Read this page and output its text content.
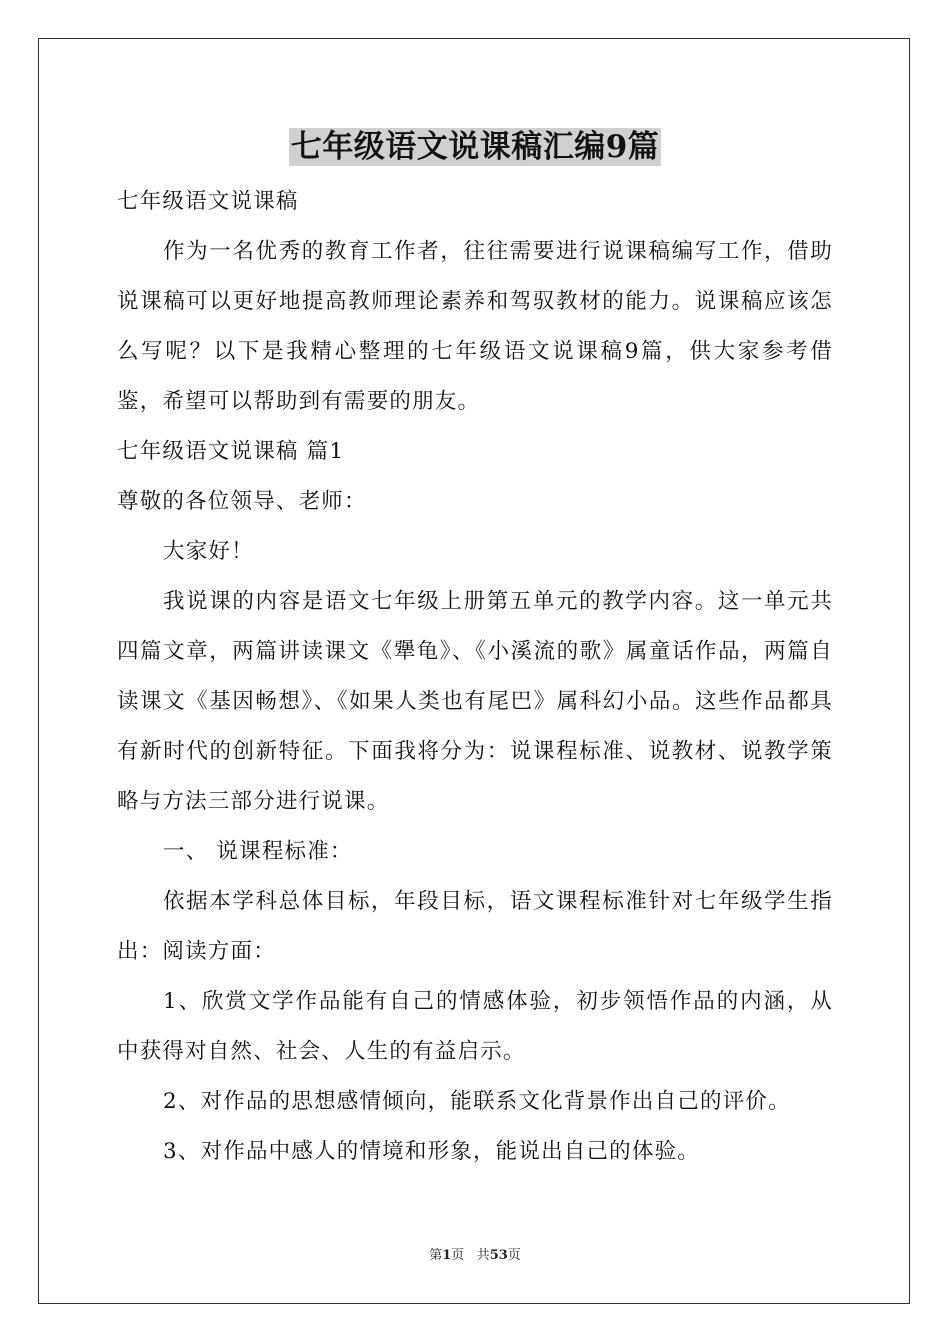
七年级语文说课稿汇编9篇

七年级语文说课稿

作为一名优秀的教育工作者，往往需要进行说课稿编写工作，借助说课稿可以更好地提高教师理论素养和驾驭教材的能力。说课稿应该怎么写呢？以下是我精心整理的七年级语文说课稿9篇，供大家参考借鉴，希望可以帮助到有需要的朋友。

七年级语文说课稿 篇1

尊敬的各位领导、老师：

大家好！

我说课的内容是语文七年级上册第五单元的教学内容。这一单元共四篇文章，两篇讲读课文《犟龟》、《小溪流的歌》属童话作品，两篇自读课文《基因畅想》、《如果人类也有尾巴》属科幻小品。这些作品都具有新时代的创新特征。下面我将分为：说课程标准、说教材、说教学策略与方法三部分进行说课。

一、 说课程标准：

依据本学科总体目标，年段目标，语文课程标准针对七年级学生指出：阅读方面：

1、欣赏文学作品能有自己的情感体验，初步领悟作品的内涵，从中获得对自然、社会、人生的有益启示。

2、对作品的思想感情倾向，能联系文化背景作出自己的评价。

3、对作品中感人的情境和形象，能说出自己的体验。

第1页 共53页
